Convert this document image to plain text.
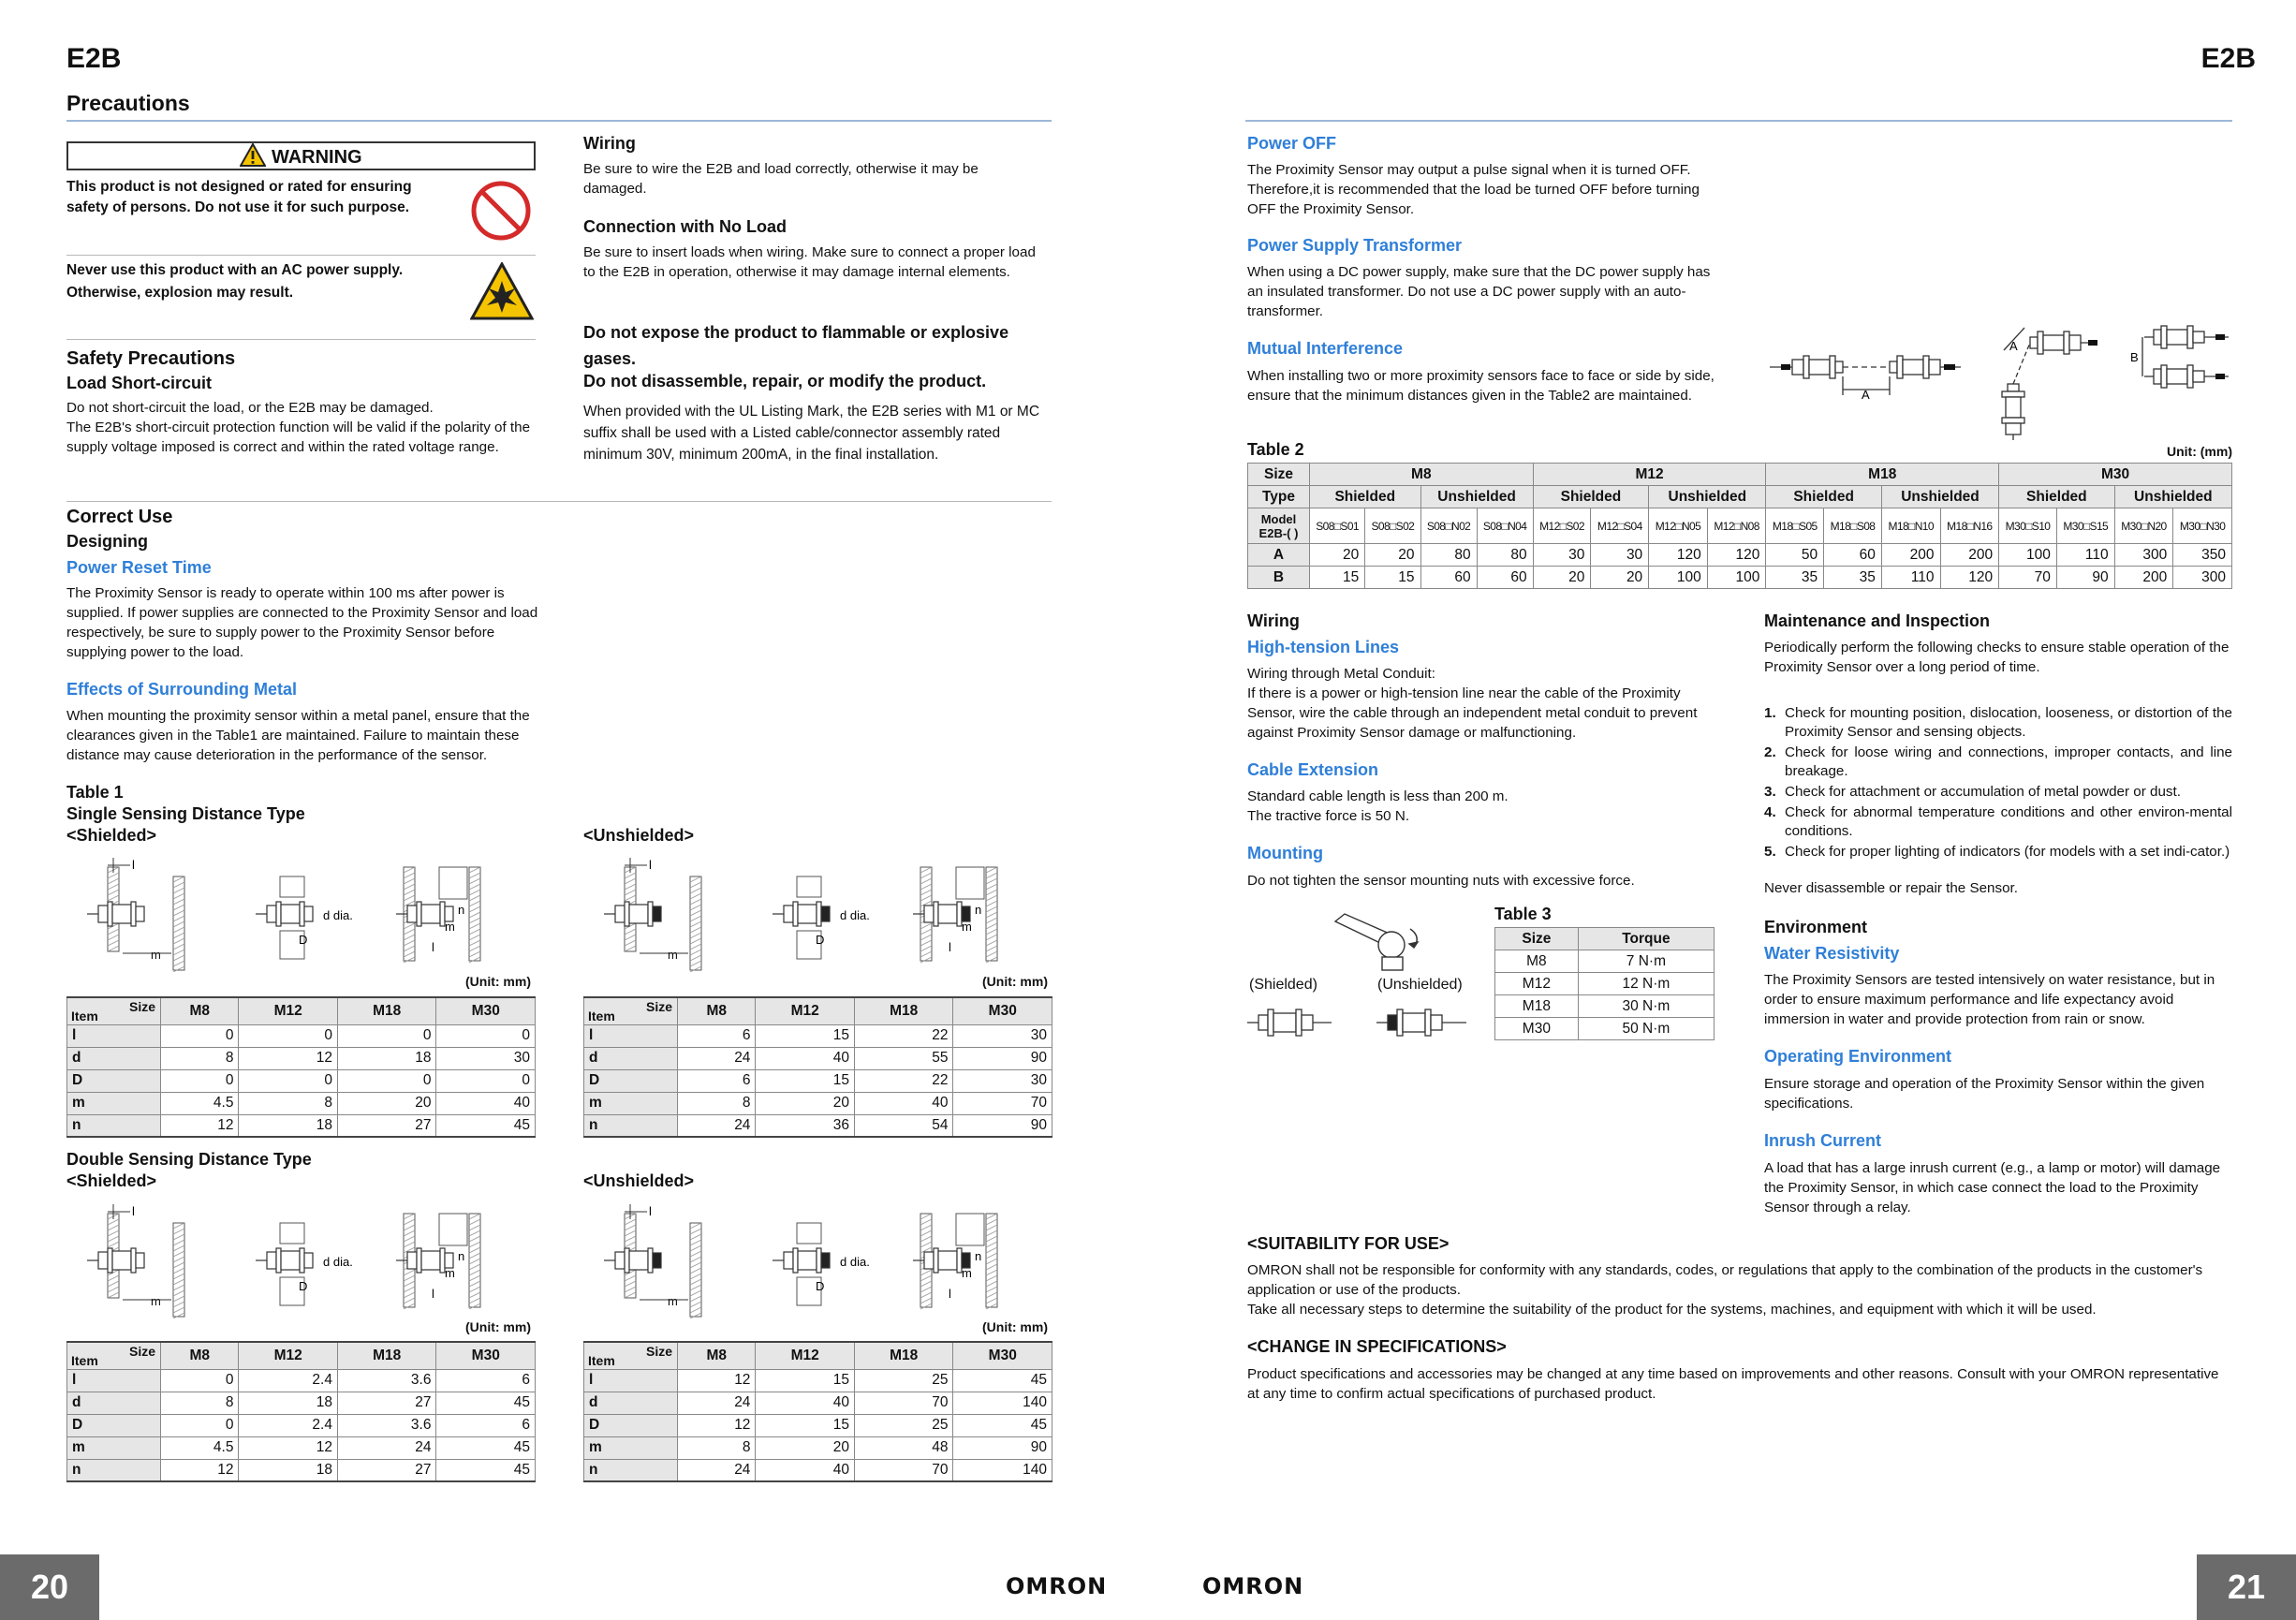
E2B
Precautions
WARNING
This product is not designed or rated for ensuring safety of persons. Do not use it for such purpose.
Never use this product with an AC power supply. Otherwise, explosion may result.
Safety Precautions
Load Short-circuit
Do not short-circuit the load, or the E2B may be damaged.
The E2B's short-circuit protection function will be valid if the polarity of the supply voltage imposed is correct and within the rated voltage range.
Wiring
Be sure to wire the E2B and load correctly, otherwise it may be damaged.
Connection with No Load
Be sure to insert loads when wiring. Make sure to connect a proper load to the E2B in operation, otherwise it may damage internal elements.
Do not expose the product to flammable or explosive gases.
Do not disassemble, repair, or modify the product.
When provided with the UL Listing Mark, the E2B series with M1 or MC suffix shall be used with a Listed cable/connector assembly rated minimum 30V, minimum 200mA, in the final installation.
Correct Use
Designing
Power Reset Time
The Proximity Sensor is ready to operate within 100 ms after power is supplied. If power supplies are connected to the Proximity Sensor and load respectively, be sure to supply power to the Proximity Sensor before supplying power to the load.
Effects of Surrounding Metal
When mounting the proximity sensor within a metal panel, ensure that the clearances given in the Table1 are maintained. Failure to maintain these distance may cause deterioration in the performance of the sensor.
Table 1
Single Sensing Distance Type
<Shielded>	<Unshielded>
l
m
d dia.
D
n
m
l
l
m
d dia.
D
n
m
l
(Unit: mm)	(Unit: mm)
Size
Item	M8	M12	M18	M30
l	0	0	0	0
d	8	12	18	30
D	0	0	0	0
m	4.5	8	20	40
n	12	18	27	45
Size
Item	M8	M12	M18	M30
l	6	15	22	30
d	24	40	55	90
D	6	15	22	30
m	8	20	40	70
n	24	36	54	90
Double Sensing Distance Type
<Shielded>	<Unshielded>
l
m
d dia.
D
n
m
l
l
m
d dia.
D
n
m
l
(Unit: mm)	(Unit: mm)
Size
Item	M8	M12	M18	M30
l	0	2.4	3.6	6
d	8	18	27	45
D	0	2.4	3.6	6
m	4.5	12	24	45
n	12	18	27	45
Size
Item	M8	M12	M18	M30
l	12	15	25	45
d	24	40	70	140
D	12	15	25	45
m	8	20	48	90
n	24	40	70	140
20	OMRON
E2B
Power OFF
The Proximity Sensor may output a pulse signal when it is turned OFF. Therefore,it is recommended that the load be turned OFF before turning OFF the Proximity Sensor.
Power Supply Transformer
When using a DC power supply, make sure that the DC power supply has an insulated transformer. Do not use a DC power supply with an auto-transformer.
Mutual Interference
When installing two or more proximity sensors face to face or side by side, ensure that the minimum distances given in the Table2 are maintained.	A
A
B
Table 2	Unit: (mm)
Size	M8				M12				M18				M30			
Type	Shielded		Unshielded		Shielded		Unshielded		Shielded		Unshielded		Shielded		Unshielded	
Model E2B-( )	S08□S01	S08□S02	S08□N02	S08□N04	M12□S02	M12□S04	M12□N05	M12□N08	M18□S05	M18□S08	M18□N10	M18□N16	M30□S10	M30□S15	M30□N20	M30□N30
A	20	20	80	80	30	30	120	120	50	60	200	200	100	110	300	350
B	15	15	60	60	20	20	100	100	35	35	110	120	70	90	200	300
Wiring
High-tension Lines
Wiring through Metal Conduit:
If there is a power or high-tension line near the cable of the Proximity Sensor, wire the cable through an independent metal conduit to prevent against Proximity Sensor damage or malfunctioning.
Cable Extension
Standard cable length is less than 200 m.
The tractive force is 50 N.
Mounting
Do not tighten the sensor mounting nuts with excessive force.
(Shielded)	(Unshielded)
Table 3
Size	Torque
M8	7 N·m
M12	12 N·m
M18	30 N·m
M30	50 N·m
Maintenance and Inspection
Periodically perform the following checks to ensure stable operation of the Proximity Sensor over a long period of time.
1. Check for mounting position, dislocation, looseness, or distortion of the Proximity Sensor and sensing objects.
2. Check for loose wiring and connections, improper contacts, and line breakage.
3. Check for attachment or accumulation of metal powder or dust.
4. Check for abnormal temperature conditions and other environ-mental conditions.
5. Check for proper lighting of indicators (for models with a set indi-cator.)
Never disassemble or repair the Sensor.
Environment
Water Resistivity
The Proximity Sensors are tested intensively on water resistance, but in order to ensure maximum performance and life expectancy avoid immersion in water and provide protection from rain or snow.
Operating Environment
Ensure storage and operation of the Proximity Sensor within the given specifications.
Inrush Current
A load that has a large inrush current (e.g., a lamp or motor) will damage the Proximity Sensor, in which case connect the load to the Proximity Sensor through a relay.
<SUITABILITY FOR USE>
OMRON shall not be responsible for conformity with any standards, codes, or regulations that apply to the combination of the products in the customer's application or use of the products.
Take all necessary steps to determine the suitability of the product for the systems, machines, and equipment with which it will be used.
<CHANGE IN SPECIFICATIONS>
Product specifications and accessories may be changed at any time based on improvements and other reasons. Consult with your OMRON representative at any time to confirm actual specifications of purchased product.
21
OMRON
